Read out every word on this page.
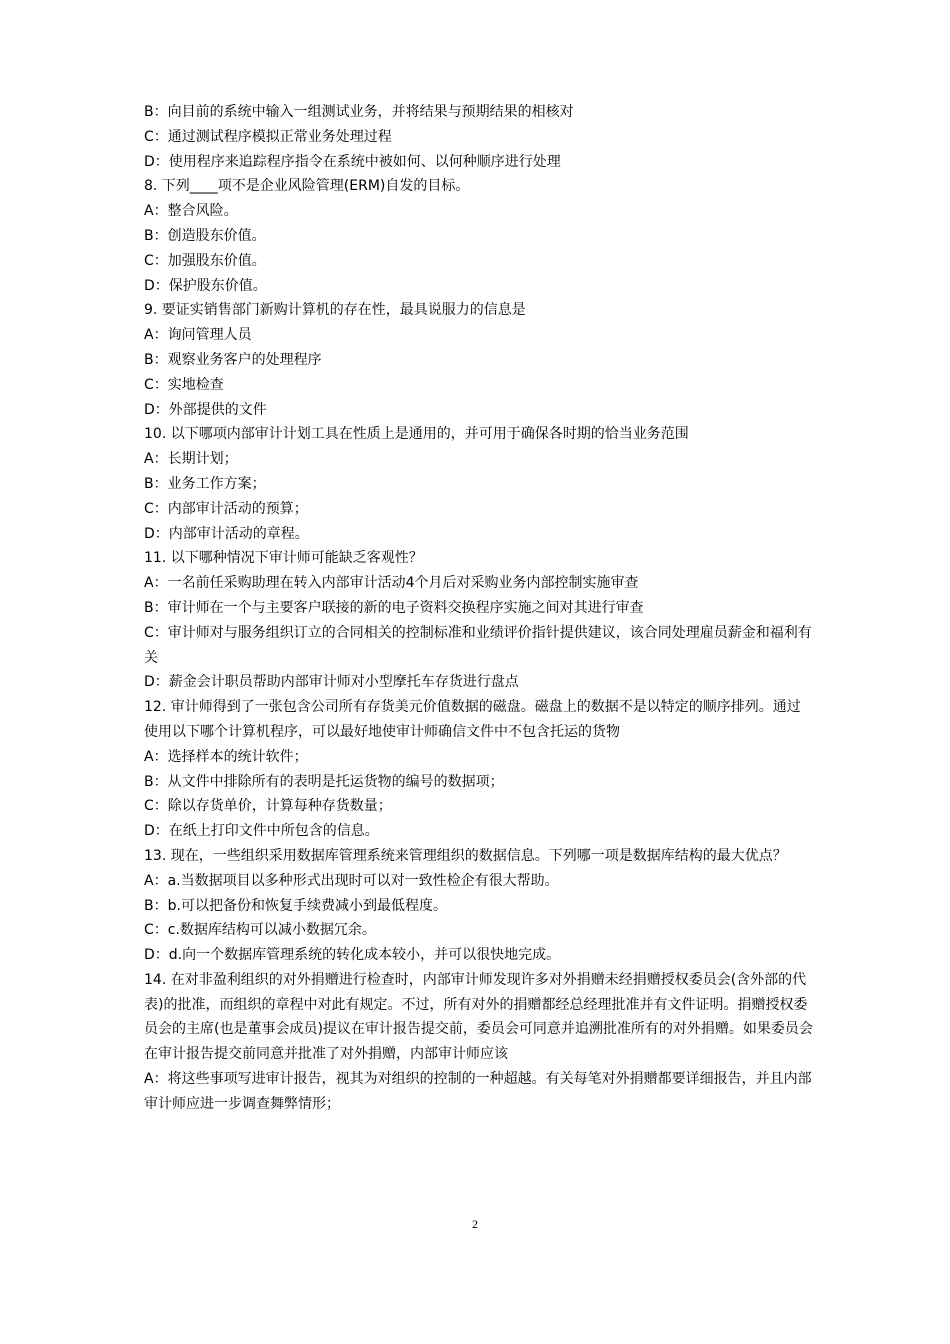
B：向目前的系统中输入一组测试业务，并将结果与预期结果的相核对

C：通过测试程序模拟正常业务处理过程

D：使用程序来追踪程序指令在系统中被如何、以何种顺序进行处理

8. 下列____项不是企业风险管理(ERM)自发的目标。

A：整合风险。

B：创造股东价值。

C：加强股东价值。

D：保护股东价值。

9. 要证实销售部门新购计算机的存在性，最具说服力的信息是

A：询问管理人员

B：观察业务客户的处理程序

C：实地检查

D：外部提供的文件

10. 以下哪项内部审计计划工具在性质上是通用的，并可用于确保各时期的恰当业务范围

A：长期计划；

B：业务工作方案；

C：内部审计活动的预算；

D：内部审计活动的章程。

11. 以下哪种情况下审计师可能缺乏客观性？

A：一名前任采购助理在转入内部审计活动4个月后对采购业务内部控制实施审查

B：审计师在一个与主要客户联接的新的电子资料交换程序实施之间对其进行审查

C：审计师对与服务组织订立的合同相关的控制标准和业绩评价指针提供建议，该合同处理雇员薪金和福利有关

D：薪金会计职员帮助内部审计师对小型摩托车存货进行盘点

12. 审计师得到了一张包含公司所有存货美元价值数据的磁盘。磁盘上的数据不是以特定的顺序排列。通过使用以下哪个计算机程序，可以最好地使审计师确信文件中不包含托运的货物

A：选择样本的统计软件；

B：从文件中排除所有的表明是托运货物的编号的数据项；

C：除以存货单价，计算每种存货数量；

D：在纸上打印文件中所包含的信息。

13. 现在，一些组织采用数据库管理系统来管理组织的数据信息。下列哪一项是数据库结构的最大优点？

A：a.当数据项目以多种形式出现时可以对一致性检企有很大帮助。

B：b.可以把备份和恢复手续费减小到最低程度。

C：c.数据库结构可以减小数据冗余。

D：d.向一个数据库管理系统的转化成本较小，并可以很快地完成。

14. 在对非盈利组织的对外捐赠进行检查时，内部审计师发现许多对外捐赠未经捐赠授权委员会(含外部的代表)的批准，而组织的章程中对此有规定。不过，所有对外的捐赠都经总经理批准并有文件证明。捐赠授权委员会的主席(也是董事会成员)提议在审计报告提交前，委员会可同意并追溯批准所有的对外捐赠。如果委员会在审计报告提交前同意并批准了对外捐赠，内部审计师应该

A：将这些事项写进审计报告，视其为对组织的控制的一种超越。有关每笔对外捐赠都要详细报告，并且内部审计师应进一步调查舞弊情形；

2
